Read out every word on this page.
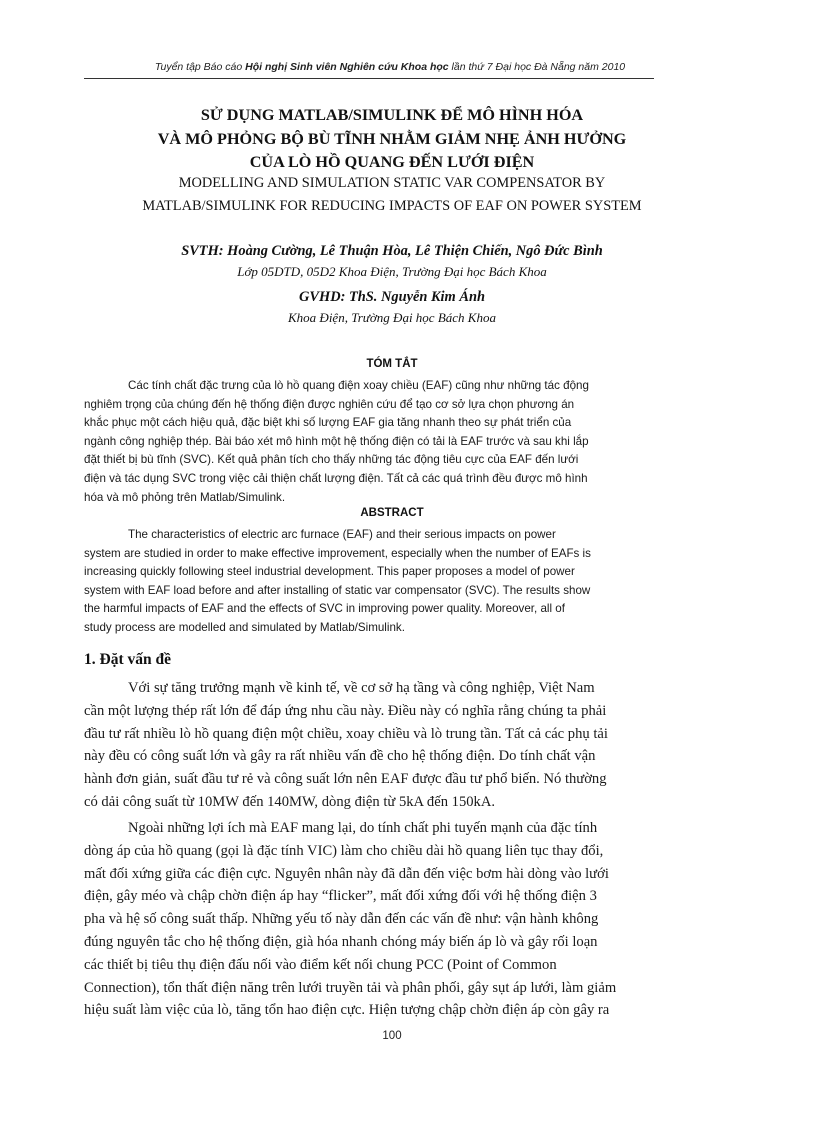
Tuyển tập Báo cáo Hội nghị Sinh viên Nghiên cứu Khoa học lần thứ 7 Đại học Đà Nẵng năm 2010
SỬ DỤNG MATLAB/SIMULINK ĐỂ MÔ HÌNH HÓA
VÀ MÔ PHỎNG BỘ BÙ TĨNH NHẰM GIẢM NHẸ ẢNH HƯỞNG
CỦA LÒ HỒ QUANG ĐẾN LƯỚI ĐIỆN
MODELLING AND SIMULATION STATIC VAR COMPENSATOR BY
MATLAB/SIMULINK FOR REDUCING IMPACTS OF EAF ON POWER SYSTEM
SVTH: Hoàng Cường, Lê Thuận Hòa, Lê Thiện Chiến, Ngô Đức Bình
Lớp 05DTD, 05D2 Khoa Điện, Trường Đại học Bách Khoa
GVHD: ThS. Nguyễn Kim Ánh
Khoa Điện, Trường Đại học Bách Khoa
TÓM TẮT
Các tính chất đặc trưng của lò hồ quang điện xoay chiều (EAF) cũng như những tác động
nghiêm trọng của chúng đến hệ thống điện được nghiên cứu để tạo cơ sở lựa chọn phương án
khắc phục một cách hiệu quả, đặc biệt khi số lượng EAF gia tăng nhanh theo sự phát triển của
ngành công nghiệp thép. Bài báo xét mô hình một hệ thống điện có tải là EAF trước và sau khi lắp
đặt thiết bị bù tĩnh (SVC). Kết quả phân tích cho thấy những tác động tiêu cực của EAF đến lưới
điện và tác dụng SVC trong việc cải thiện chất lượng điện. Tất cả các quá trình đều được mô hình
hóa và mô phỏng trên Matlab/Simulink.
ABSTRACT
The characteristics of electric arc furnace (EAF) and their serious impacts on power
system are studied in order to make effective improvement, especially when the number of EAFs is
increasing quickly following steel industrial development. This paper proposes a model of power
system with EAF load before and after installing of static var compensator (SVC). The results show
the harmful impacts of EAF and the effects of SVC in improving power quality. Moreover, all of
study process are modelled and simulated by Matlab/Simulink.
1. Đặt vấn đề
Với sự tăng trưởng mạnh về kinh tế, về cơ sở hạ tầng và công nghiệp, Việt Nam
cần một lượng thép rất lớn để đáp ứng nhu cầu này. Điều này có nghĩa rằng chúng ta phải
đầu tư rất nhiều lò hồ quang điện một chiều, xoay chiều và lò trung tần. Tất cả các phụ tải
này đều có công suất lớn và gây ra rất nhiều vấn đề cho hệ thống điện. Do tính chất vận
hành đơn giản, suất đầu tư rẻ và công suất lớn nên EAF được đầu tư phổ biến. Nó thường
có dải công suất từ 10MW đến 140MW, dòng điện từ 5kA đến 150kA.
Ngoài những lợi ích mà EAF mang lại, do tính chất phi tuyến mạnh của đặc tính
dòng áp của hồ quang (gọi là đặc tính VIC) làm cho chiều dài hồ quang liên tục thay đổi,
mất đối xứng giữa các điện cực. Nguyên nhân này đã dẫn đến việc bơm hài dòng vào lưới
điện, gây méo và chập chờn điện áp hay “flicker”, mất đối xứng đối với hệ thống điện 3
pha và hệ số công suất thấp. Những yếu tố này dẫn đến các vấn đề như: vận hành không
đúng nguyên tắc cho hệ thống điện, già hóa nhanh chóng máy biến áp lò và gây rối loạn
các thiết bị tiêu thụ điện đấu nối vào điểm kết nối chung PCC (Point of Common
Connection), tổn thất điện năng trên lưới truyền tải và phân phối, gây sụt áp lưới, làm giảm
hiệu suất làm việc của lò, tăng tổn hao điện cực. Hiện tượng chập chờn điện áp còn gây ra
100
